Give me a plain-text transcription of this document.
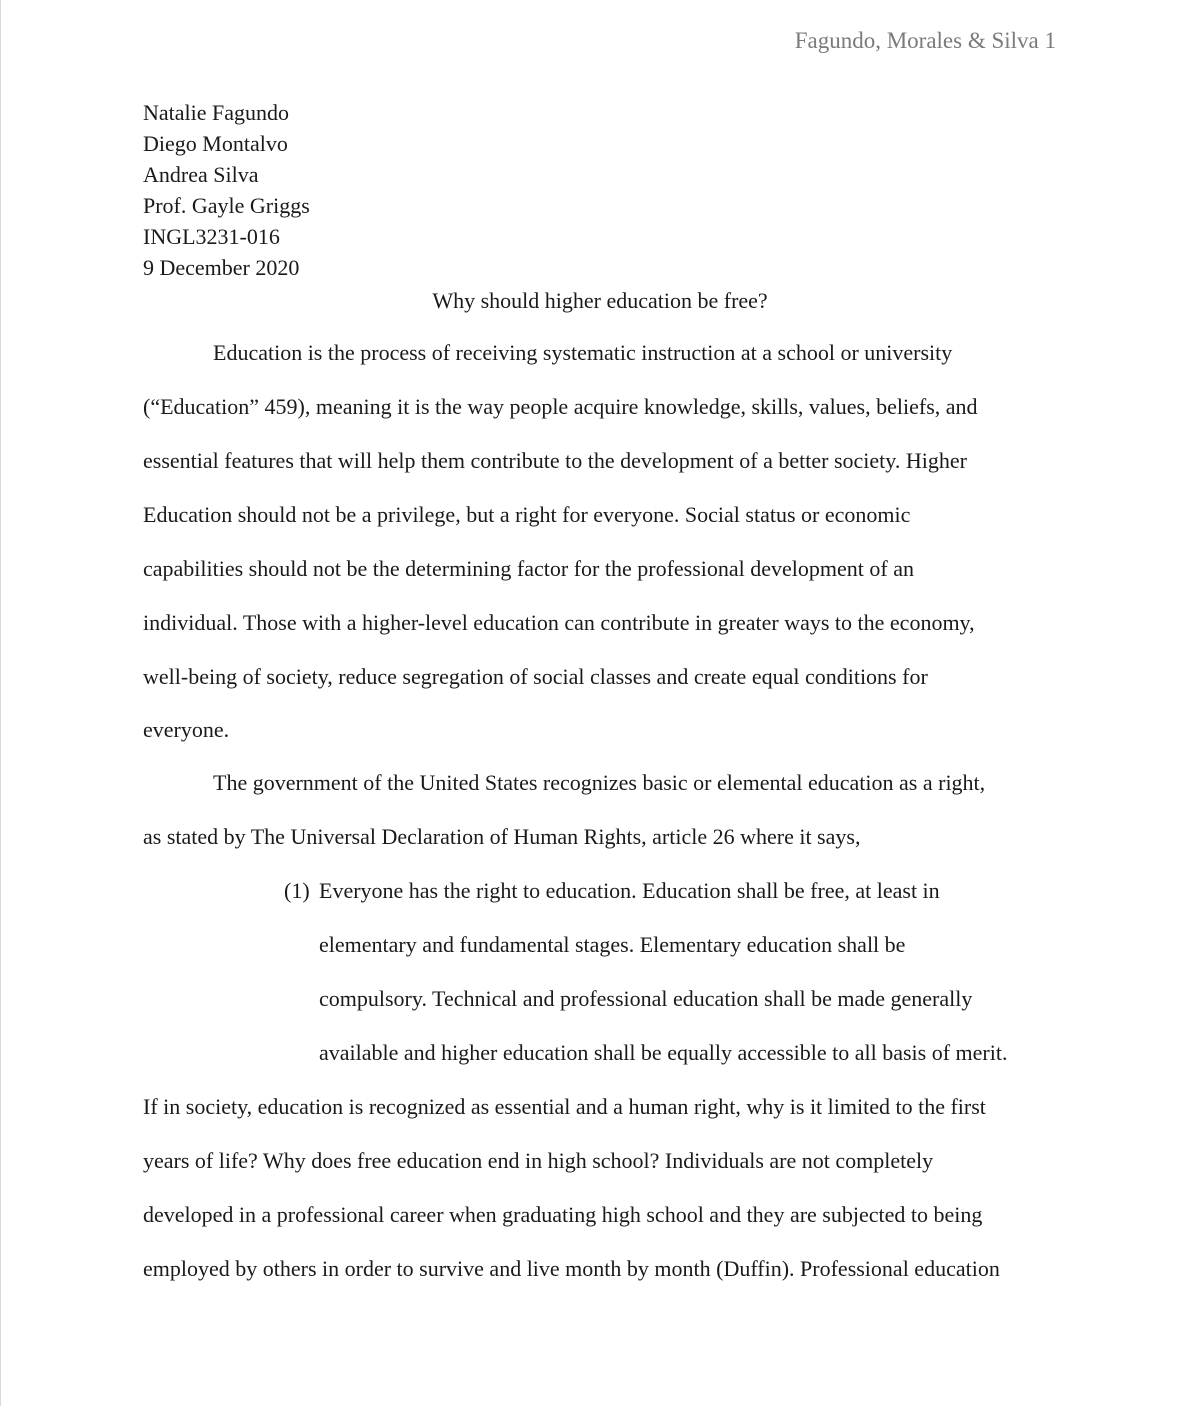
Fagundo, Morales & Silva 1
Natalie Fagundo
Diego Montalvo
Andrea Silva
Prof. Gayle Griggs
INGL3231-016
9 December 2020
Why should higher education be free?
Education is the process of receiving systematic instruction at a school or university
(“Education” 459), meaning it is the way people acquire knowledge, skills, values, beliefs, and
essential features that will help them contribute to the development of a better society. Higher
Education should not be a privilege, but a right for everyone. Social status or economic
capabilities should not be the determining factor for the professional development of an
individual. Those with a higher-level education can contribute in greater ways to the economy,
well-being of society, reduce segregation of social classes and create equal conditions for
everyone.
The government of the United States recognizes basic or elemental education as a right,
as stated by The Universal Declaration of Human Rights, article 26 where it says,
(1) Everyone has the right to education. Education shall be free, at least in
elementary and fundamental stages. Elementary education shall be
compulsory. Technical and professional education shall be made generally
available and higher education shall be equally accessible to all basis of merit.
If in society, education is recognized as essential and a human right, why is it limited to the first
years of life? Why does free education end in high school? Individuals are not completely
developed in a professional career when graduating high school and they are subjected to being
employed by others in order to survive and live month by month (Duffin). Professional education
